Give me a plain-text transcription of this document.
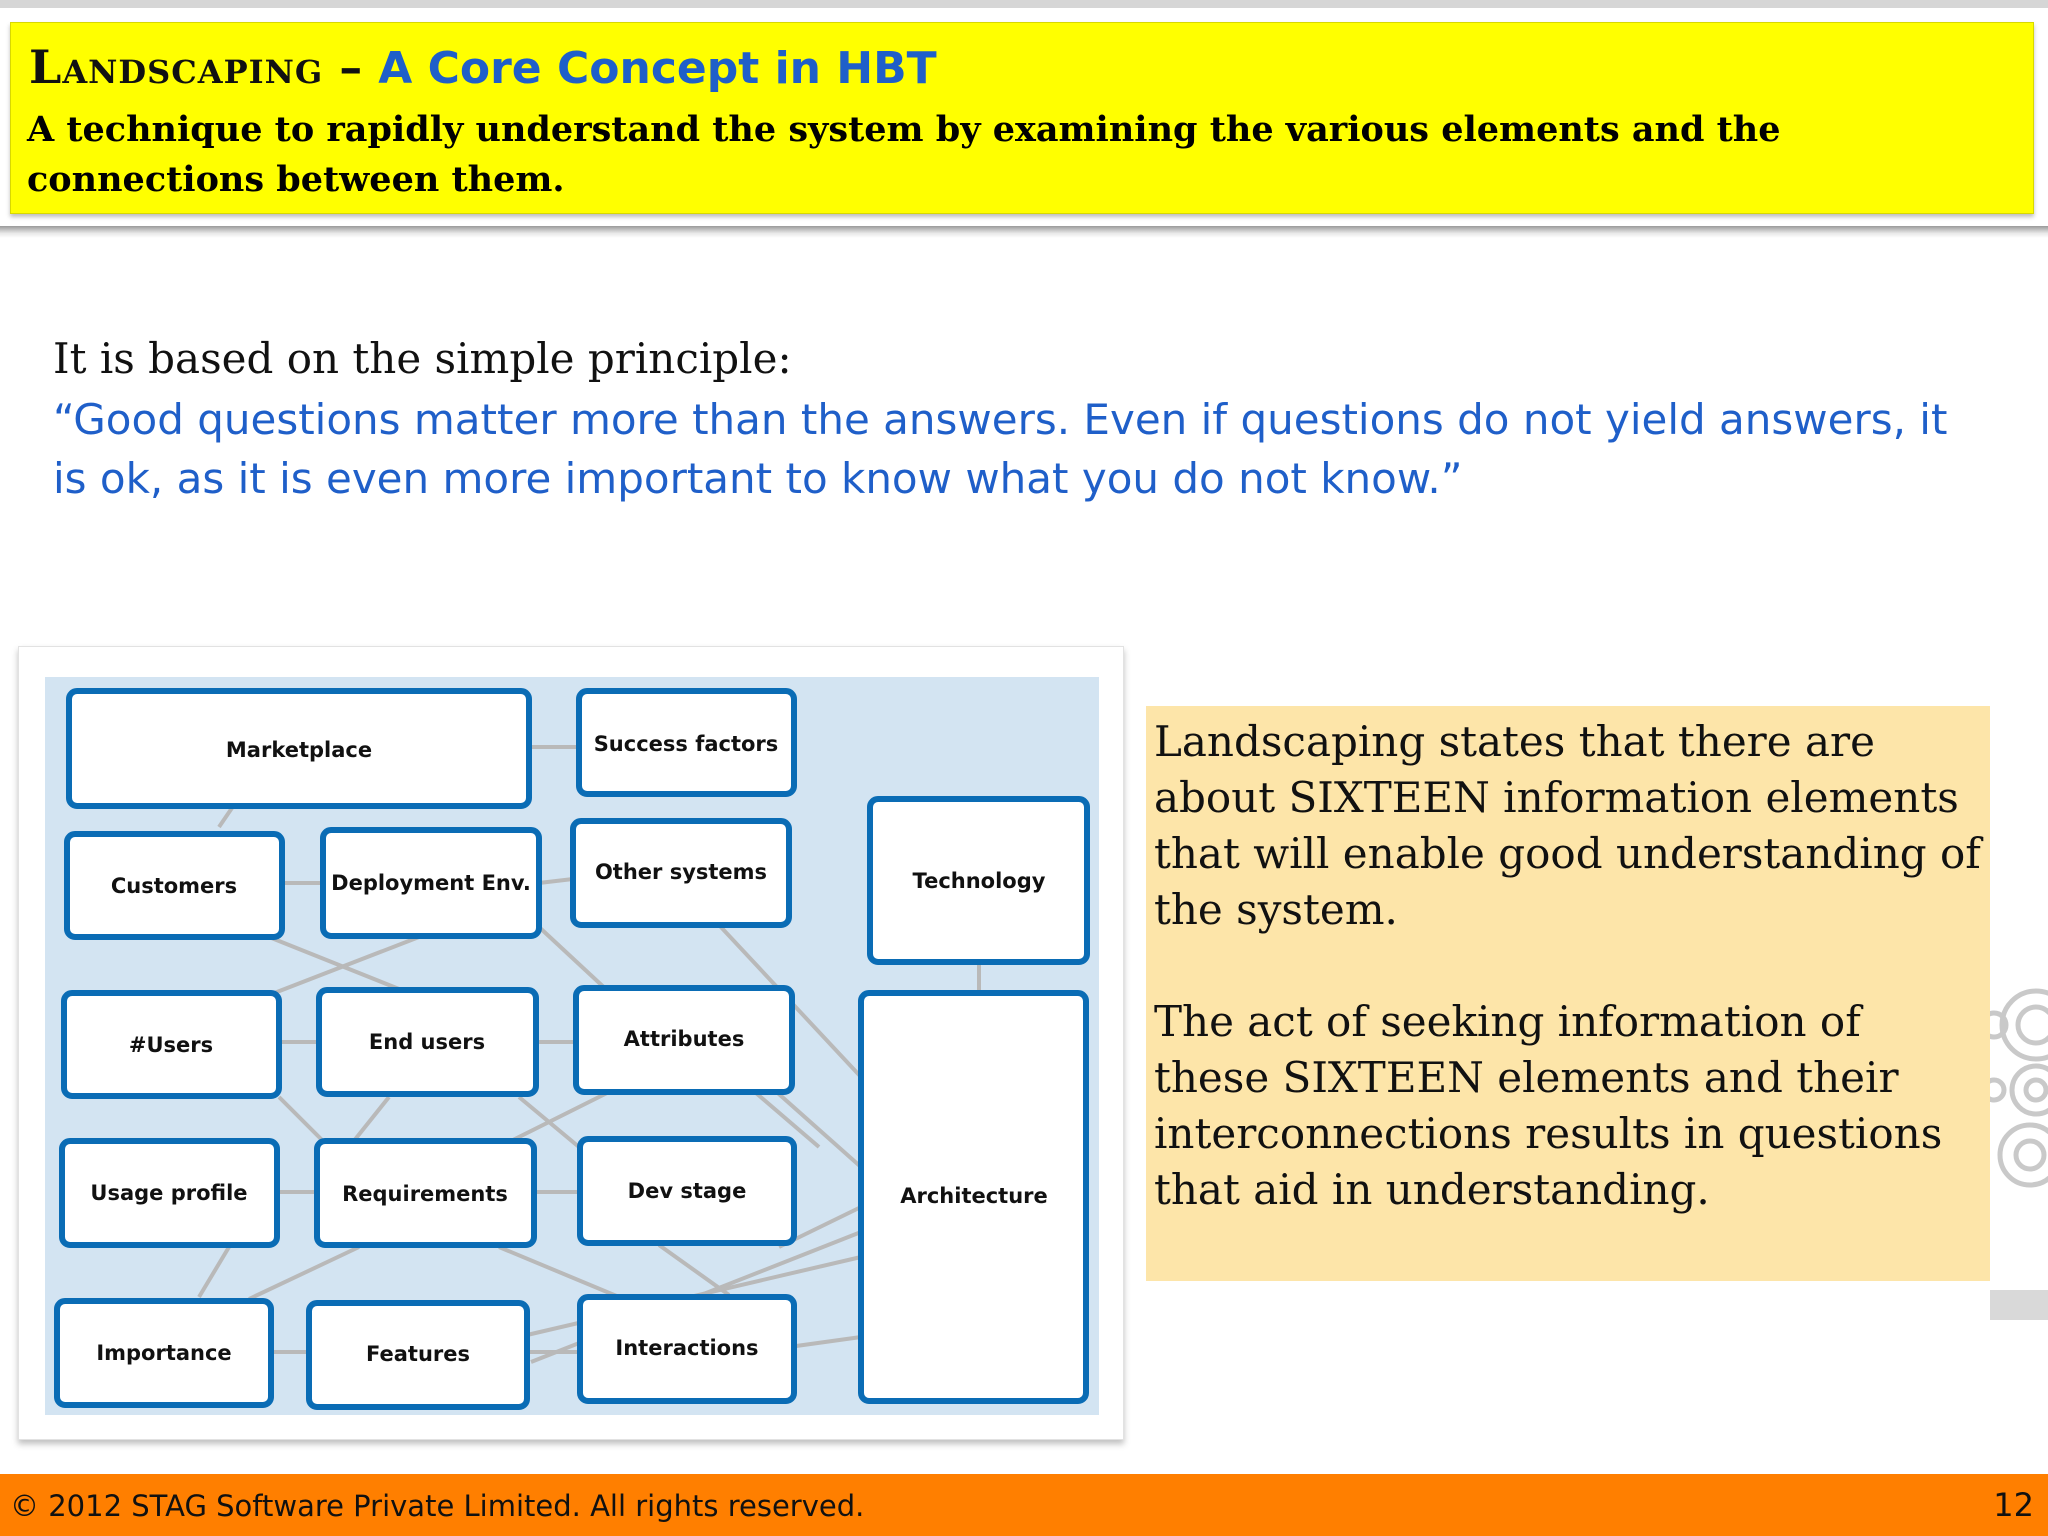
Landscaping – A Core Concept in HBT

A technique to rapidly understand the system by examining the various elements and the connections between them.

It is based on the simple principle:

“Good questions matter more than the answers. Even if questions do not yield answers, it is ok, as it is even more important to know what you do not know.”

Marketplace	Success factors
Customers	Deployment Env.	Other systems	Technology
#Users	End users	Attributes
Architecture
Usage profile	Requirements	Dev stage
Importance	Features	Interactions

Landscaping states that there are about SIXTEEN information elements that will enable good understanding of the system.

The act of seeking information of these SIXTEEN elements and their interconnections results in questions that aid in understanding.

© 2012 STAG Software Private Limited. All rights reserved.	12
